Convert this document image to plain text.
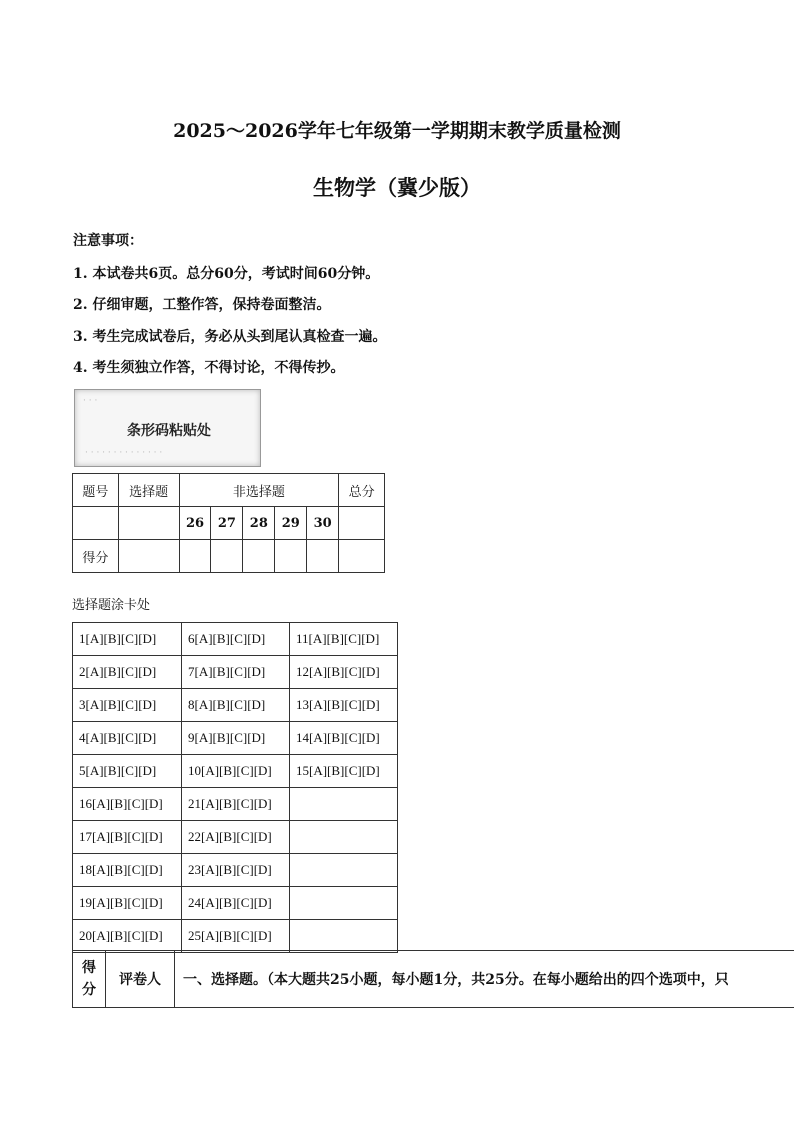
2025～2026学年七年级第一学期期末教学质量检测
生物学（冀少版）
注意事项：
1. 本试卷共6页。总分60分，考试时间60分钟。
2. 仔细审题，工整作答，保持卷面整洁。
3. 考生完成试卷后，务必从头到尾认真检查一遍。
4. 考生须独立作答，不得讨论，不得传抄。
· · ·
· · · · · · · · · · · · · ·
条形码粘贴处
题号	选择题	非选择题					总分
		26	27	28	29	30	
得分							
选择题涂卡处
1[A][B][C][D]	6[A][B][C][D]	11[A][B][C][D]
2[A][B][C][D]	7[A][B][C][D]	12[A][B][C][D]
3[A][B][C][D]	8[A][B][C][D]	13[A][B][C][D]
4[A][B][C][D]	9[A][B][C][D]	14[A][B][C][D]
5[A][B][C][D]	10[A][B][C][D]	15[A][B][C][D]
16[A][B][C][D]	21[A][B][C][D]	
17[A][B][C][D]	22[A][B][C][D]	
18[A][B][C][D]	23[A][B][C][D]	
19[A][B][C][D]	24[A][B][C][D]	
20[A][B][C][D]	25[A][B][C][D]	
得分	评卷人	一、选择题。（本大题共25小题，每小题1分，共25分。在每小题给出的四个选项中，只
